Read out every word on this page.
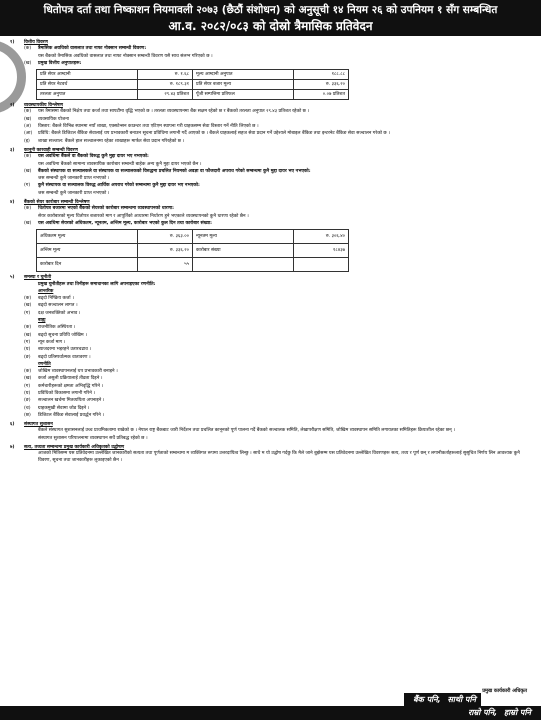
धितोपत्र दर्ता तथा निष्काशन नियमावली २०७३ (छैठौं संशोधन) को अनुसूची १४ नियम २६ को उपनियम १ सँग सम्बन्धित
आ.व. २०८२/०८३ को दोस्रो त्रैमासिक प्रतिवेदन
१)	वित्तीय विवरण
(क)	त्रैमासिक अवधिको वासलात तथा नाफा नोक्सान सम्बन्धी विवरण:
यस बैंकको त्रैमासिक अवधिको वासलात तथा नाफा नोक्सान सम्बन्धी विवरण यसै साथ संलग्न गरिएको छ ।
(ख)	प्रमुख वित्तीय अनुपातहरू:
प्रति सेयर आम्दानी	रु. १.६८	मूल्य आम्दानी अनुपात	१८८.८८
प्रति सेयर नेटवर्थ	रु. १८९.३१	प्रति सेयर बजार मूल्य	रु. ३३६.२०
तरलता अनुपात	२९.४३ प्रतिशत	पूँजी सम्पत्तिमा प्रतिफल	०.०७ प्रतिशत
२)	व्यवस्थापकीय विश्लेषण
(क)	यस त्रैमासमा बैंकको निक्षेप तथा कर्जा तथा सापटीमा वृद्धि भएको छ । तरलता व्यवस्थापनमा बैंक सक्षम रहेको छ र बैंकको तरलता अनुपात २९.४३ प्रतिशत रहेको छ ।
(ख)	व्यवसायिक योजना
(अ)	विस्तार: बैंकले विभिन्न स्थानमा नयाँ शाखा, एक्सटेन्सन काउन्टर तथा एटिएम स्थापना गरी ग्राहकसम्म सेवा विस्तार गर्ने नीति लिएको छ ।
(आ)	प्रविधि: बैंकले डिजिटल बैंकिङ सेवालाई थप प्रभावकारी बनाउन सूचना प्रविधिमा लगानी गर्दै आएको छ । बैंकले ग्राहकलाई सहज सेवा प्रदान गर्ने उद्देश्यले मोबाइल बैंकिङ तथा इन्टरनेट बैंकिङ सेवा सञ्चालन गरेको छ ।
(इ)	शाखा सञ्जाल: बैंकले हाल सञ्चालनमा रहेका शाखाहरू मार्फत सेवा प्रदान गरिरहेको छ ।
३)	कानूनी कारवाही सम्बन्धी विवरण
(क)	यस अवधिमा बैंकले वा बैंकको विरुद्ध कुनै मुद्दा दायर भए नभएको:
यस अवधिमा बैंकको सामान्य व्यवसायिक कारोबार सम्बन्धी बाहेक अन्य कुनै मुद्दा दायर भएको छैन ।
(ख)	बैंकको संस्थापक वा सञ्चालकले वा संस्थापक वा सञ्चालकको विरुद्धमा प्रचलित नियमको अवज्ञा वा फौजदारी अपराध गरेको सम्बन्धमा कुनै मुद्दा दायर भए नभएको:
जस सम्बन्धी कुनै जानकारी प्राप्त नभएको ।
(ग)	कुनै संस्थापक वा सञ्चालक विरुद्ध आर्थिक अपराध गरेको सम्बन्धमा कुनै मुद्दा दायर भए नभएको:
जस सम्बन्धी कुनै जानकारी प्राप्त नभएको ।
४)	बैंकको सेयर कारोबार सम्बन्धी विश्लेषण
(क)	धितोपत्र बजारमा भएको बैंकको सेयरको कारोबार सम्बन्धमा व्यवस्थापनको धारणा:
सेयर कारोबारको मूल्य धितोपत्र बजारको माग र आपूर्तिको आधारमा निर्धारण हुने भएकाले व्यवस्थापनको कुनै धारणा रहेको छैन ।
(ख)	यस अवधिमा सेयरको अधिकतम, न्यूनतम, अन्तिम मूल्य, कारोबार भएको कुल दिन तथा कारोबार संख्या:
अधिकतम मूल्य	रु. ३६३.००	न्यूनतम मूल्य	रु. ३०६.४०
अन्तिम मूल्य	रु. ३३६.२०	कारोबार संख्या	१८४३७
कारोबार दिन	५५		
५)	समस्या र चुनौती
प्रमुख चुनौतीहरू तथा तिनीहरू समाधानका लागि अपनाइएका रणनीति:
आन्तरिक
(क)	बढ्दो निष्क्रिय कर्जा ।
(ख)	बढ्दो सञ्चालन लागत ।
(ग)	दक्ष जनशक्तिको अभाव ।
बाह्य
(क)	राजनीतिक अस्थिरता ।
(ख)	बढ्दो सूचना प्रविधि जोखिम ।
(ग)	न्यून कर्जा माग ।
(घ)	ब्याजदरमा भइरहने उतारचढाव ।
(ङ)	बढ्दो प्रतिस्पर्धात्मक वातावरण ।
रणनीति
(क)	जोखिम व्यवस्थापनलाई थप प्रभावकारी बनाइने ।
(ख)	कर्जा असुली प्रक्रियालाई तीव्रता दिइने ।
(ग)	कर्मचारीहरूको क्षमता अभिवृद्धि गरिने ।
(घ)	प्रविधिको विकासमा लगानी गरिने ।
(ङ)	सञ्चालन खर्चमा मितव्ययिता अपनाइने ।
(च)	ग्राहकमुखी सेवामा जोड दिइने ।
(छ)	डिजिटल बैंकिङ सेवालाई प्रवर्द्धन गरिने ।
६)	संस्थागत सुशासन
बैंकले संस्थागत सुशासनलाई उच्च प्राथमिकतामा राखेको छ । नेपाल राष्ट्र बैंकबाट जारी निर्देशन तथा प्रचलित कानूनको पूर्ण पालना गर्दै बैंकको सञ्चालक समिति, लेखापरीक्षण समिति, जोखिम व्यवस्थापन समिति लगायतका समितिहरू क्रियाशील रहेका छन् ।
संस्थागत सुशासन परिपालनामा व्यवस्थापन सधैं प्रतिबद्ध रहेको छ ।
७)	सत्य, तथ्यता सम्बन्धमा प्रमुख कार्यकारी अधिकृतको उद्घोषण
आजको मितिसम्म यस प्रतिवेदनमा उल्लेखित जानकारीको सत्यता तथा पूर्णताको सम्बन्धमा म व्यक्तिगत रूपमा उत्तरदायित्व लिन्छु । साथै म यो उद्घोष गर्दछु कि मैले जाने बुझेसम्म यस प्रतिवेदनमा उल्लेखित विवरणहरू सत्य, तथ्य र पूर्ण छन् र लगानीकर्ताहरूलाई सुसूचित निर्णय लिन आवश्यक कुनै विवरण, सूचना तथा जानकारीहरू लुकाइएको छैन ।
प्रमुख कार्यकारी अधिकृत
बैंक पनि, साथी पनि
राम्रो पनि, हाम्रो पनि
